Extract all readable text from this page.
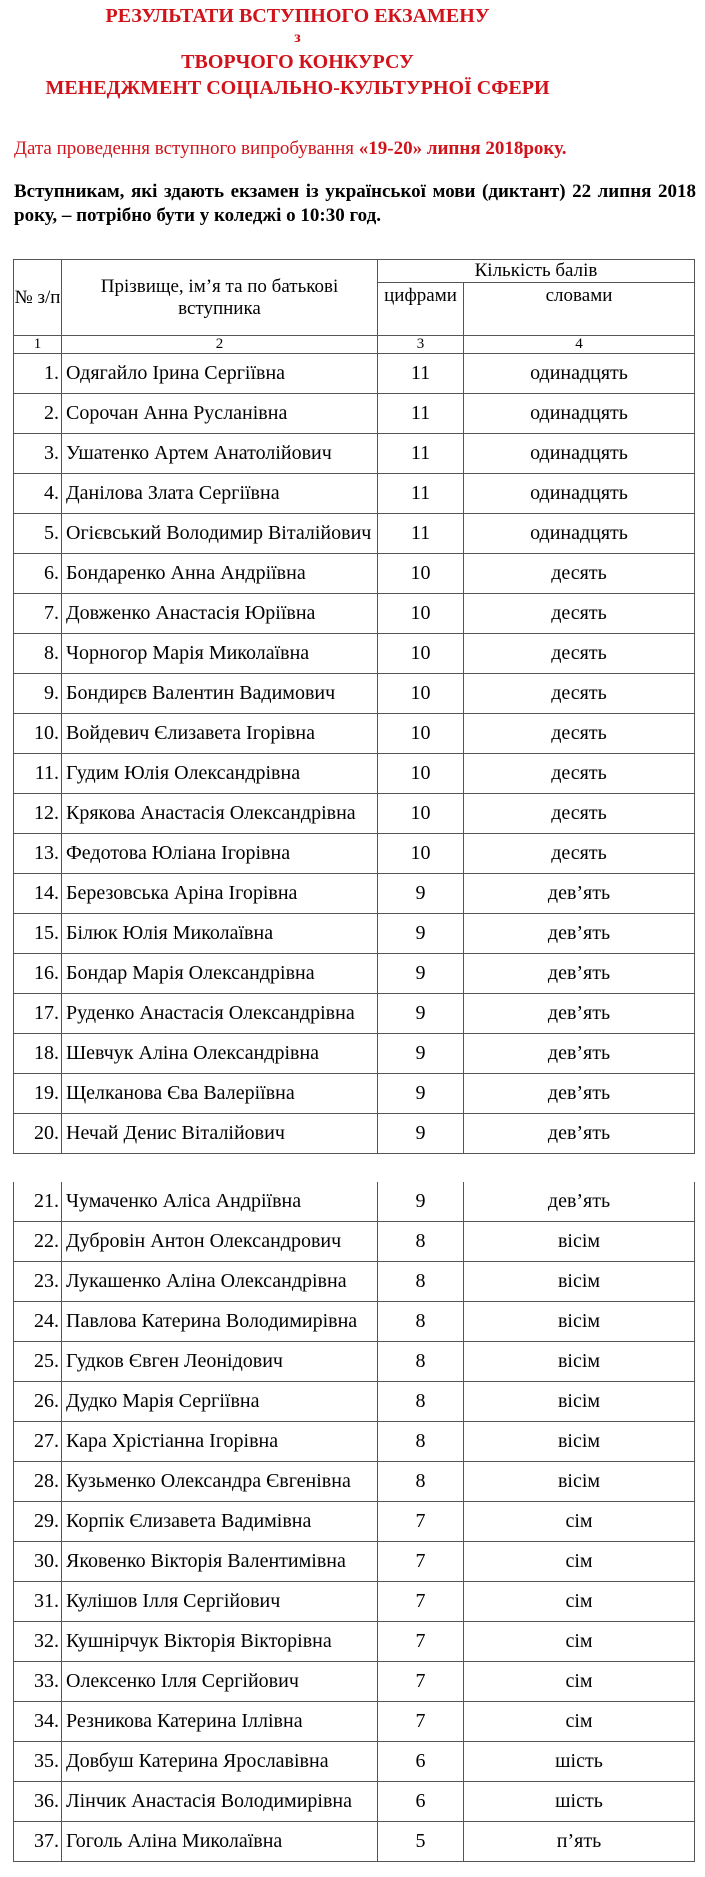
РЕЗУЛЬТАТИ ВСТУПНОГО ЕКЗАМЕНУ
з
ТВОРЧОГО КОНКУРСУ
МЕНЕДЖМЕНТ СОЦІАЛЬНО-КУЛЬТУРНОЇ СФЕРИ
Дата проведення вступного випробування «19-20» липня 2018року.
Вступникам, які здають екзамен із української мови (диктант) 22 липня 2018 року, – потрібно бути у коледжі о 10:30 год.
№ з/п	Прізвище, ім’я та по батькові вступника	Кількість балів	
		цифрами	словами
1	2	3	4
1.	Одягайло Ірина Сергіївна	11	одинадцять
2.	Сорочан Анна Русланівна	11	одинадцять
3.	Ушатенко Артем Анатолійович	11	одинадцять
4.	Данілова Злата Сергіївна	11	одинадцять
5.	Огієвський Володимир Віталійович	11	одинадцять
6.	Бондаренко Анна Андріївна	10	десять
7.	Довженко Анастасія Юріївна	10	десять
8.	Чорногор Марія Миколаївна	10	десять
9.	Бондирєв Валентин Вадимович	10	десять
10.	Войдевич Єлизавета Ігорівна	10	десять
11.	Гудим Юлія Олександрівна	10	десять
12.	Крякова Анастасія Олександрівна	10	десять
13.	Федотова Юліана Ігорівна	10	десять
14.	Березовська Аріна Ігорівна	9	дев’ять
15.	Білюк Юлія Миколаївна	9	дев’ять
16.	Бондар Марія Олександрівна	9	дев’ять
17.	Руденко Анастасія Олександрівна	9	дев’ять
18.	Шевчук Аліна Олександрівна	9	дев’ять
19.	Щелканова Єва Валеріївна	9	дев’ять
20.	Нечай Денис Віталійович	9	дев’ять
21.	Чумаченко Аліса Андріївна	9	дев’ять
22.	Дубровін Антон Олександрович	8	вісім
23.	Лукашенко Аліна Олександрівна	8	вісім
24.	Павлова Катерина Володимирівна	8	вісім
25.	Гудков Євген Леонідович	8	вісім
26.	Дудко Марія Сергіївна	8	вісім
27.	Кара Хрістіанна Ігорівна	8	вісім
28.	Кузьменко Олександра Євгенівна	8	вісім
29.	Корпік Єлизавета Вадимівна	7	сім
30.	Яковенко Вікторія Валентимівна	7	сім
31.	Кулішов Ілля Сергійович	7	сім
32.	Кушнірчук Вікторія Вікторівна	7	сім
33.	Олексенко Ілля Сергійович	7	сім
34.	Резникова Катерина Іллівна	7	сім
35.	Довбуш Катерина Ярославівна	6	шість
36.	Лінчик Анастасія Володимирівна	6	шість
37.	Гоголь Аліна Миколаївна	5	п’ять
